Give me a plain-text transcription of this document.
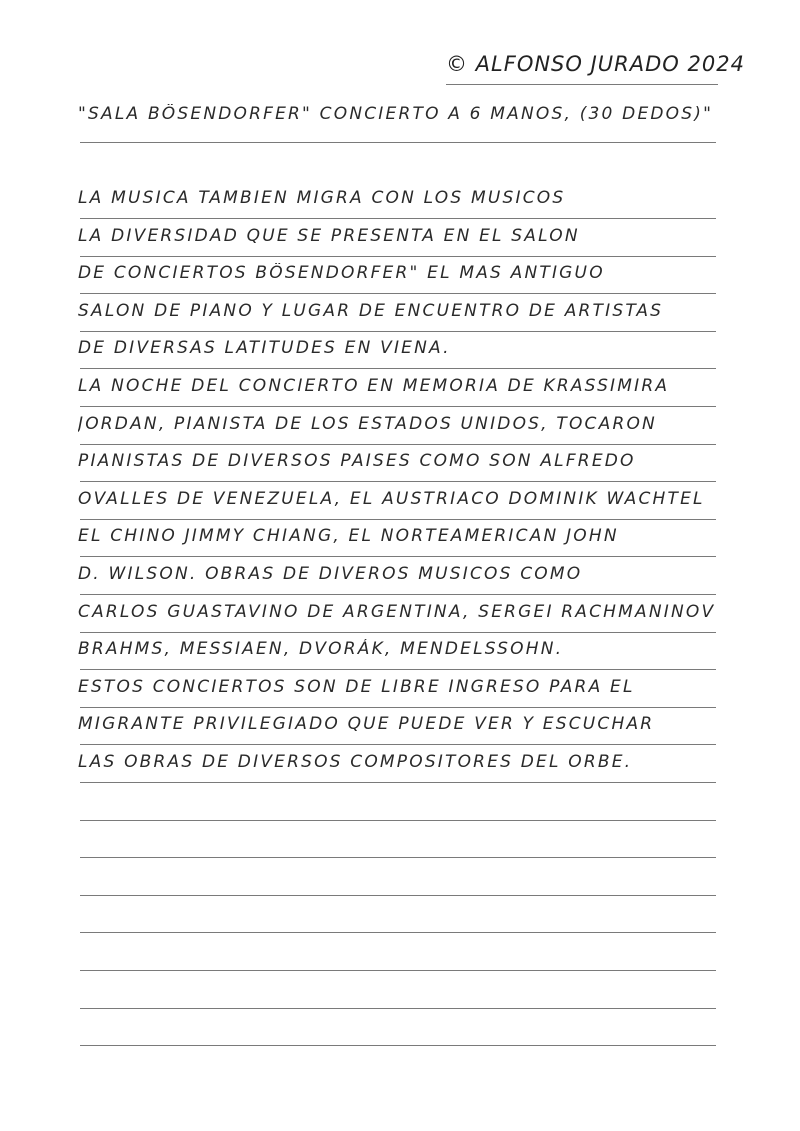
© ALFONSO JURADO 2024
"SALA BÖSENDORFER" CONCIERTO A 6 MANOS, (30 DEDOS)"
LA MUSICA TAMBIEN MIGRA CON LOS MUSICOS
LA DIVERSIDAD QUE SE PRESENTA EN EL SALON
DE CONCIERTOS BÖSENDORFER" EL MAS ANTIGUO
SALON DE PIANO Y LUGAR DE ENCUENTRO DE ARTISTAS
DE DIVERSAS LATITUDES EN VIENA.
LA NOCHE DEL CONCIERTO EN MEMORIA DE KRASSIMIRA
JORDAN, PIANISTA DE LOS ESTADOS UNIDOS, TOCARON
PIANISTAS DE DIVERSOS PAISES COMO SON ALFREDO
OVALLES DE VENEZUELA, EL AUSTRIACO DOMINIK WACHTEL
EL CHINO JIMMY CHIANG, EL NORTEAMERICAN JOHN
D. WILSON. OBRAS DE DIVEROS MUSICOS COMO
CARLOS GUASTAVINO DE ARGENTINA, SERGEI RACHMANINOV
BRAHMS, MESSIAEN, DVORÁK, MENDELSSOHN.
ESTOS CONCIERTOS SON DE LIBRE INGRESO PARA EL
MIGRANTE PRIVILEGIADO QUE PUEDE VER Y ESCUCHAR
LAS OBRAS DE DIVERSOS COMPOSITORES DEL ORBE.
